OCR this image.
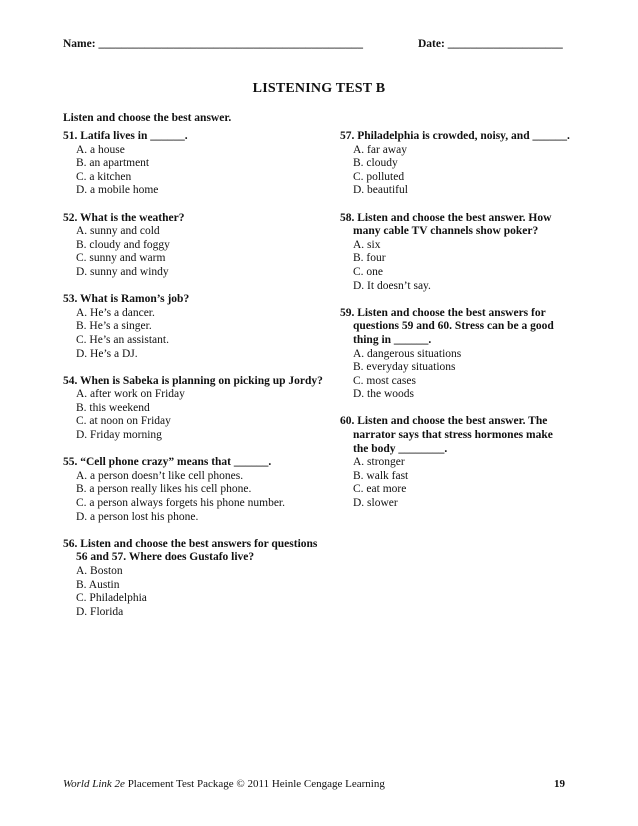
Name: ______________________________________________	Date: ____________________
LISTENING TEST B
Listen and choose the best answer.
51. Latifa lives in ______.
A. a house
B. an apartment
C. a kitchen
D. a mobile home
52. What is the weather?
A. sunny and cold
B. cloudy and foggy
C. sunny and warm
D. sunny and windy
53. What is Ramon’s job?
A. He’s a dancer.
B. He’s a singer.
C. He’s an assistant.
D. He’s a DJ.
54. When is Sabeka is planning on picking up Jordy?
A. after work on Friday
B. this weekend
C. at noon on Friday
D. Friday morning
55. “Cell phone crazy” means that ______.
A. a person doesn’t like cell phones.
B. a person really likes his cell phone.
C. a person always forgets his phone number.
D. a person lost his phone.
56. Listen and choose the best answers for questions 56 and 57. Where does Gustafo live?
A. Boston
B. Austin
C. Philadelphia
D. Florida
57. Philadelphia is crowded, noisy, and ______.
A. far away
B. cloudy
C. polluted
D. beautiful
58. Listen and choose the best answer. How many cable TV channels show poker?
A. six
B. four
C. one
D. It doesn’t say.
59. Listen and choose the best answers for questions 59 and 60. Stress can be a good thing in ______.
A. dangerous situations
B. everyday situations
C. most cases
D. the woods
60. Listen and choose the best answer. The narrator says that stress hormones make the body ________.
A. stronger
B. walk fast
C. eat more
D. slower
World Link 2e Placement Test Package © 2011 Heinle Cengage Learning	19
